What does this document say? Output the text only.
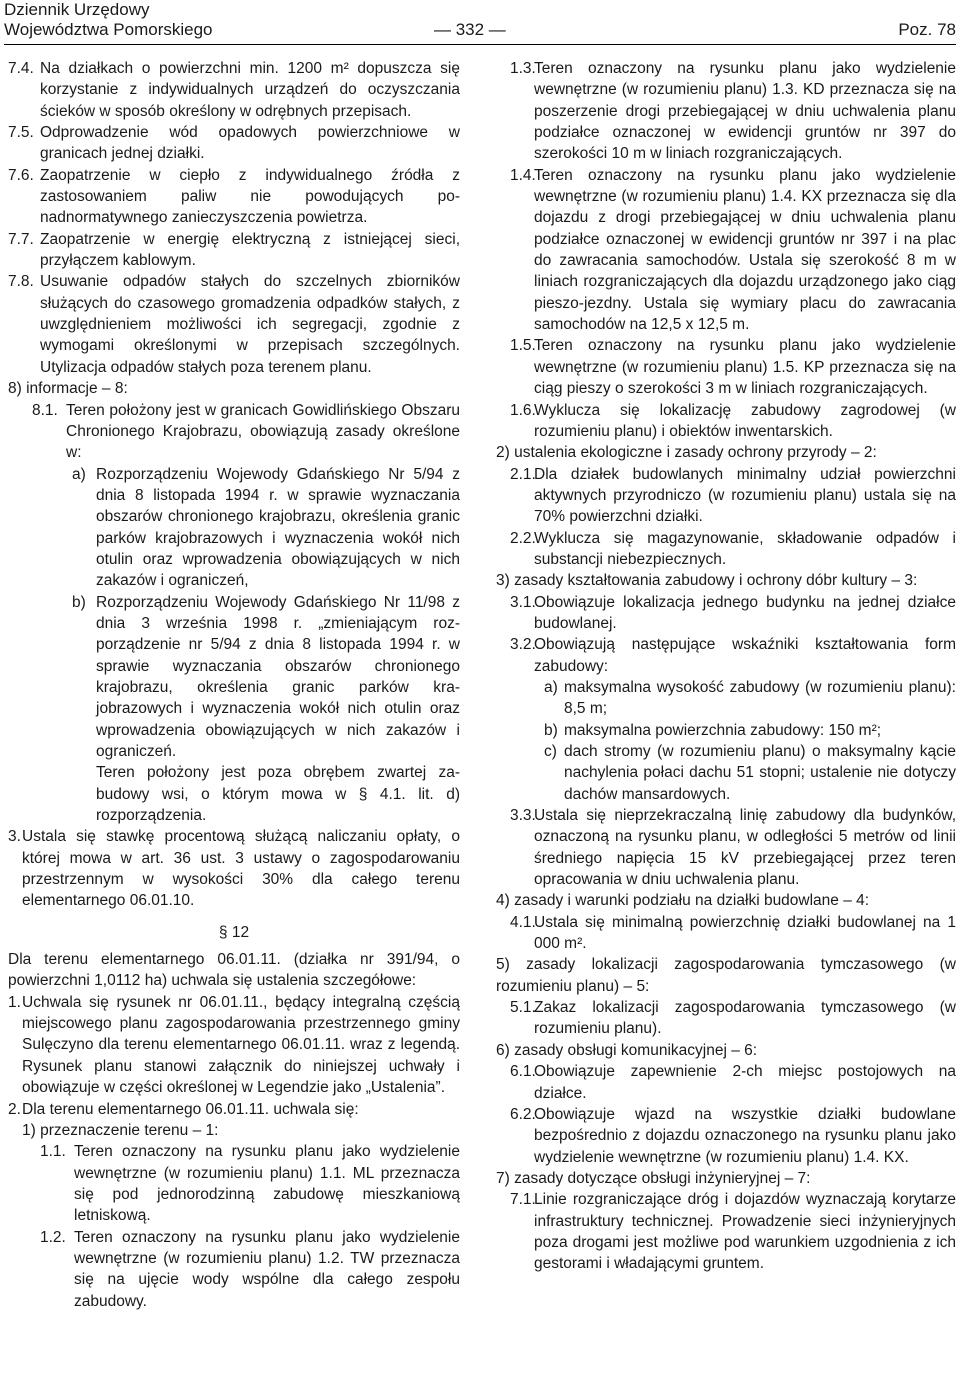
Dziennik Urzędowy
Województwa Pomorskiego	— 332 —	Poz. 78
7.4. Na działkach o powierzchni min. 1200 m² dopuszcza się korzystanie z indywidualnych urządzeń do oczyszczania ścieków w sposób określony w odrębnych przepisach.
7.5. Odprowadzenie wód opadowych powierzchniowe w granicach jednej działki.
7.6. Zaopatrzenie w ciepło z indywidualnego źródła z zastosowaniem paliw nie powodujących ponadnormatywnego zanieczyszczenia powietrza.
7.7. Zaopatrzenie w energię elektryczną z istniejącej sieci, przyłączem kablowym.
7.8. Usuwanie odpadów stałych do szczelnych zbiorników służących do czasowego gromadzenia odpadków stałych, z uwzględnieniem możliwości ich segregacji, zgodnie z wymogami określonymi w przepisach szczególnych. Utylizacja odpadów stałych poza terenem planu.
8) informacje – 8:
8.1. Teren położony jest w granicach Gowidlińskiego Obszaru Chronionego Krajobrazu, obowiązują zasady określone w:
a) Rozporządzeniu Wojewody Gdańskiego Nr 5/94 z dnia 8 listopada 1994 r. w sprawie wyznaczania obszarów chronionego krajobrazu, określenia granic parków krajobrazowych i wyznaczenia wokół nich otulin oraz wprowadzenia obowiązujących w nich zakazów i ograniczeń,
b) Rozporządzeniu Wojewody Gdańskiego Nr 11/98 z dnia 3 września 1998 r. „zmieniającym rozporządzenie nr 5/94 z dnia 8 listopada 1994 r. w sprawie wyznaczania obszarów chronionego krajobrazu, określenia granic parków krajobrazowych i wyznaczenia wokół nich otulin oraz wprowadzenia obowiązujących w nich zakazów i ograniczeń.
Teren położony jest poza obrębem zwartej zabudowy wsi, o którym mowa w § 4.1. lit. d) rozporządzenia.
3. Ustala się stawkę procentową służącą naliczaniu opłaty, o której mowa w art. 36 ust. 3 ustawy o zagospodarowaniu przestrzennym w wysokości 30% dla całego terenu elementarnego 06.01.10.
§ 12
Dla terenu elementarnego 06.01.11. (działka nr 391/94, o powierzchni 1,0112 ha) uchwala się ustalenia szczegółowe:
1. Uchwala się rysunek nr 06.01.11., będący integralną częścią miejscowego planu zagospodarowania przestrzennego gminy Sulęczyno dla terenu elementarnego 06.01.11. wraz z legendą. Rysunek planu stanowi załącznik do niniejszej uchwały i obowiązuje w części określonej w Legendzie jako „Ustalenia”.
2. Dla terenu elementarnego 06.01.11. uchwala się:
1) przeznaczenie terenu – 1:
1.1. Teren oznaczony na rysunku planu jako wydzielenie wewnętrzne (w rozumieniu planu) 1.1. ML przeznacza się pod jednorodzinną zabudowę mieszkaniową letniskową.
1.2. Teren oznaczony na rysunku planu jako wydzielenie wewnętrzne (w rozumieniu planu) 1.2. TW przeznacza się na ujęcie wody wspólne dla całego zespołu zabudowy.
1.3.
Teren oznaczony na rysunku planu jako wydzielenie wewnętrzne (w rozumieniu planu) 1.3. KD przeznacza się na poszerzenie drogi przebiegającej w dniu uchwalenia planu podziałce oznaczonej w ewidencji gruntów nr 397 do szerokości 10 m w liniach rozgraniczających.
1.4.
Teren oznaczony na rysunku planu jako wydzielenie wewnętrzne (w rozumieniu planu) 1.4. KX przeznacza się dla dojazdu z drogi przebiegającej w dniu uchwalenia planu podziałce oznaczonej w ewidencji gruntów nr 397 i na plac do zawracania samochodów. Ustala się szerokość 8 m w liniach rozgraniczających dla dojazdu urządzonego jako ciąg pieszo-jezdny. Ustala się wymiary placu do zawracania samochodów na 12,5 x 12,5 m.
1.5.
Teren oznaczony na rysunku planu jako wydzielenie wewnętrzne (w rozumieniu planu) 1.5. KP przeznacza się na ciąg pieszy o szerokości 3 m w liniach rozgraniczających.
1.6.
Wyklucza się lokalizację zabudowy zagrodowej (w rozumieniu planu) i obiektów inwentarskich.
2) ustalenia ekologiczne i zasady ochrony przyrody – 2:
2.1.
Dla działek budowlanych minimalny udział powierzchni aktywnych przyrodniczo (w rozumieniu planu) ustala się na 70% powierzchni działki.
2.2.
Wyklucza się magazynowanie, składowanie odpadów i substancji niebezpiecznych.
3) zasady kształtowania zabudowy i ochrony dóbr kultury – 3:
3.1.
Obowiązuje lokalizacja jednego budynku na jednej działce budowlanej.
3.2.
Obowiązują następujące wskaźniki kształtowania form zabudowy:
a) maksymalna wysokość zabudowy (w rozumieniu planu): 8,5 m;
b) maksymalna powierzchnia zabudowy: 150 m²;
c) dach stromy (w rozumieniu planu) o maksymalny kącie nachylenia połaci dachu 51 stopni; ustalenie nie dotyczy dachów mansardowych.
3.3.
Ustala się nieprzekraczalną linię zabudowy dla budynków, oznaczoną na rysunku planu, w odległości 5 metrów od linii średniego napięcia 15 kV przebiegającej przez teren opracowania w dniu uchwalenia planu.
4) zasady i warunki podziału na działki budowlane – 4:
4.1.
Ustala się minimalną powierzchnię działki budowlanej na 1 000 m².
5) zasady lokalizacji zagospodarowania tymczasowego (w rozumieniu planu) – 5:
5.1.
Zakaz lokalizacji zagospodarowania tymczasowego (w rozumieniu planu).
6) zasady obsługi komunikacyjnej – 6:
6.1.
Obowiązuje zapewnienie 2-ch miejsc postojowych na działce.
6.2.
Obowiązuje wjazd na wszystkie działki budowlane bezpośrednio z dojazdu oznaczonego na rysunku planu jako wydzielenie wewnętrzne (w rozumieniu planu) 1.4. KX.
7) zasady dotyczące obsługi inżynieryjnej – 7:
7.1.
Linie rozgraniczające dróg i dojazdów wyznaczają korytarze infrastruktury technicznej. Prowadzenie sieci inżynieryjnych poza drogami jest możliwe pod warunkiem uzgodnienia z ich gestorami i władającymi gruntem.
